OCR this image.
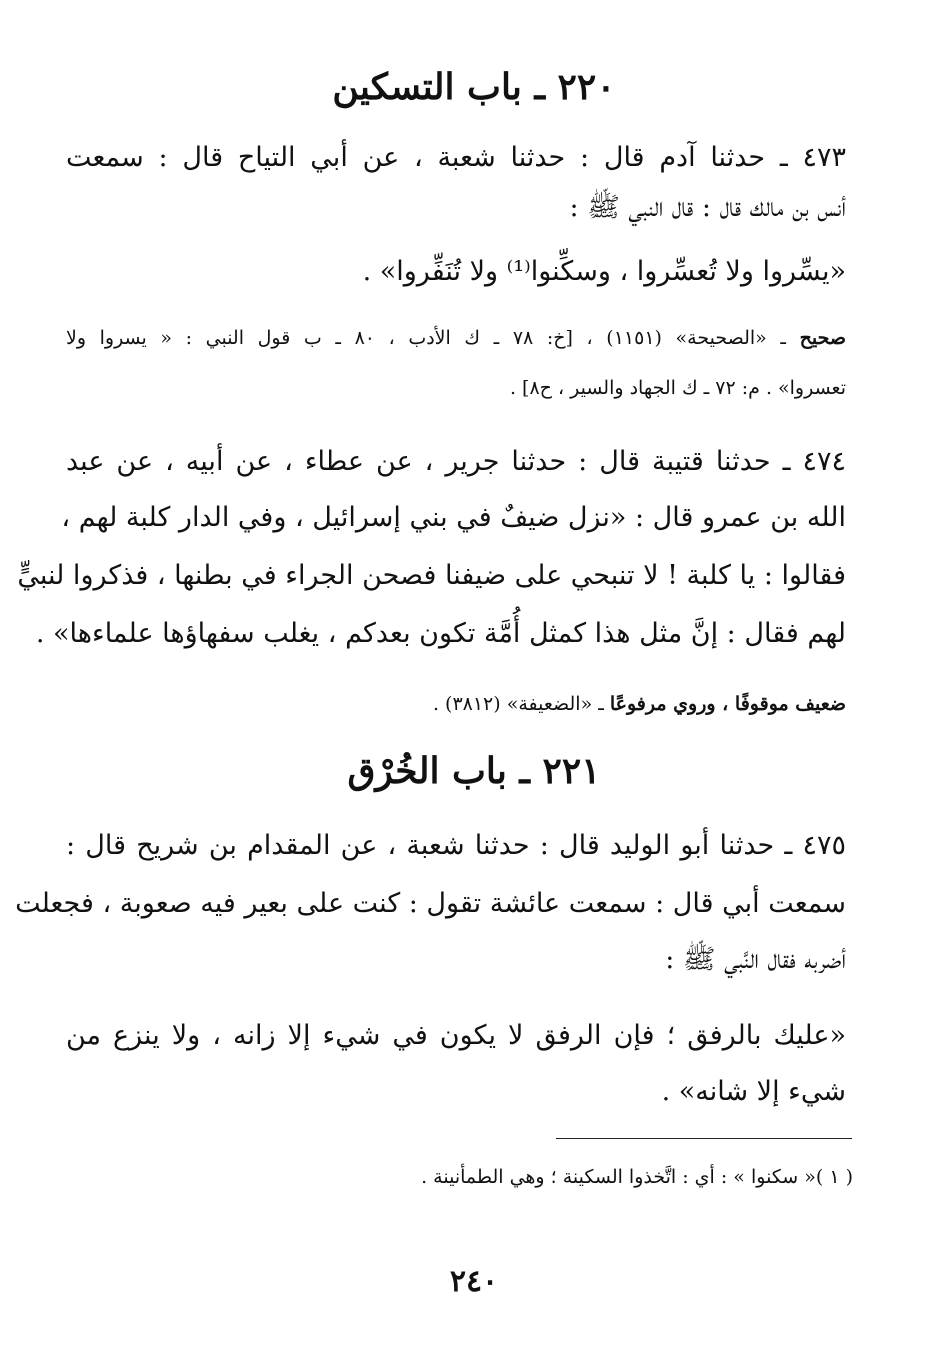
٢٢٠ ـ باب التسكين
٤٧٣ ـ حدثنا آدم قال : حدثنا شعبة ، عن أبي التياح قال : سمعت
أنس بن مالك قال : قال النبي ﷺ :
«يسِّروا ولا تُعسِّروا ، وسكِّنوا⁽¹⁾ ولا تُنَفِّروا» .
صحيح ـ «الصحيحة» (١١٥١) ، [خ: ٧٨ ـ ك الأدب ، ٨٠ ـ ب قول النبي : « يسروا ولا
تعسروا» . م: ٧٢ ـ ك الجهاد والسير ، ح٨] .
٤٧٤ ـ حدثنا قتيبة قال : حدثنا جرير ، عن عطاء ، عن أبيه ، عن عبد
الله بن عمرو قال : «نزل ضيفٌ في بني إسرائيل ، وفي الدار كلبة لهم ،
فقالوا : يا كلبة ! لا تنبحي على ضيفنا فصحن الجراء في بطنها ، فذكروا لنبيٍّ
لهم فقال : إنَّ مثل هذا كمثل أُمَّة تكون بعدكم ، يغلب سفهاؤها علماءها» .
ضعيف موقوفًا ، وروي مرفوعًا ـ «الضعيفة» (٣٨١٢) .
٢٢١ ـ باب الخُرْق
٤٧٥ ـ حدثنا أبو الوليد قال : حدثنا شعبة ، عن المقدام بن شريح قال :
سمعت أبي قال : سمعت عائشة تقول : كنت على بعير فيه صعوبة ، فجعلت
أضربه فقال النَّبي ﷺ :
«عليك بالرفق ؛ فإن الرفق لا يكون في شيء إلا زانه ، ولا ينزع من
شيء إلا شانه» .
( ١ )« سكنوا » : أي : اتَّخذوا السكينة ؛ وهي الطمأنينة .
٢٤٠
